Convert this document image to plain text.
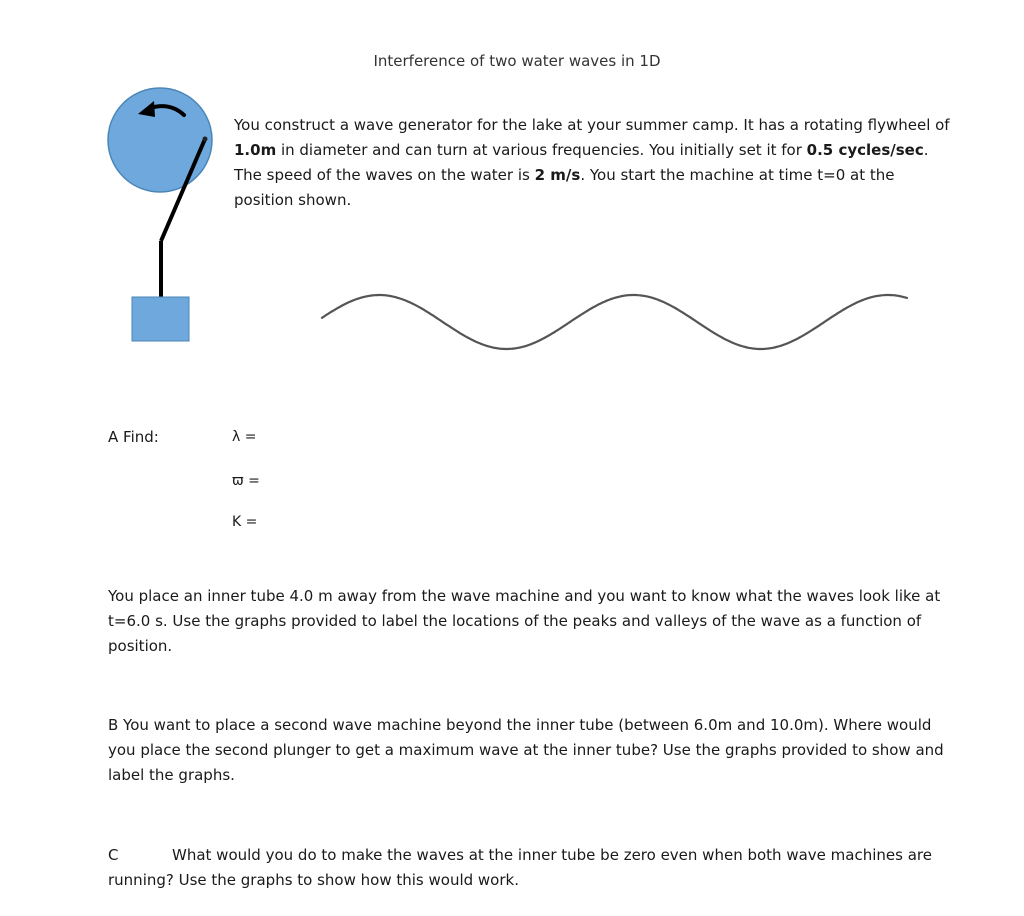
Interference of two water waves in 1D
You construct a wave generator for the lake at your summer camp. It has a rotating flywheel of 1.0m in diameter and can turn at various frequencies. You initially set it for 0.5 cycles/sec. The speed of the waves on the water is 2 m/s. You start the machine at time t=0 at the position shown.
A Find:	λ =
ϖ =
K =
You place an inner tube 4.0 m away from the wave machine and you want to know what the waves look like at t=6.0 s. Use the graphs provided to label the locations of the peaks and valleys of the wave as a function of position.
B You want to place a second wave machine beyond the inner tube (between 6.0m and 10.0m). Where would you place the second plunger to get a maximum wave at the inner tube? Use the graphs provided to show and label the graphs.
C	What would you do to make the waves at the inner tube be zero even when both wave machines are running? Use the graphs to show how this would work.
